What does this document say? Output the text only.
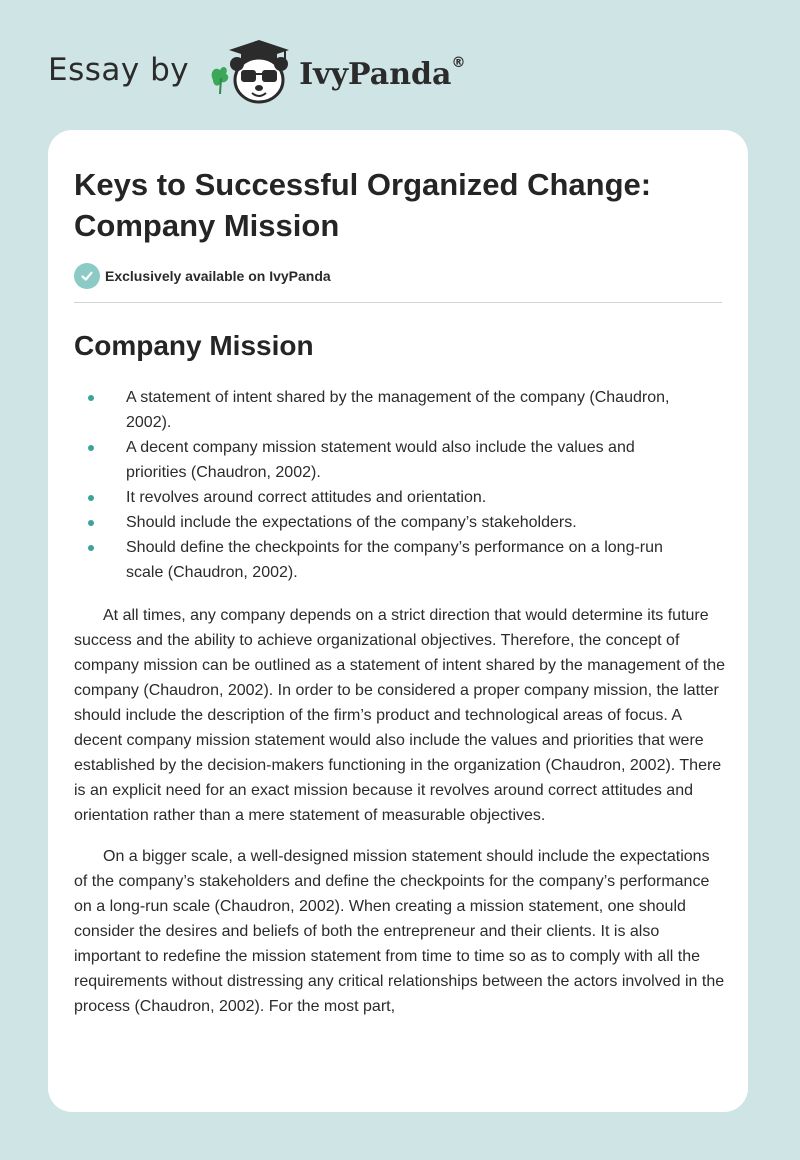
Essay by	IvyPanda®
Keys to Successful Organized Change: Company Mission
Exclusively available on IvyPanda
Company Mission
A statement of intent shared by the management of the company (Chaudron, 2002).
A decent company mission statement would also include the values and priorities (Chaudron, 2002).
It revolves around correct attitudes and orientation.
Should include the expectations of the company’s stakeholders.
Should define the checkpoints for the company’s performance on a long-run scale (Chaudron, 2002).

At all times, any company depends on a strict direction that would determine its future success and the ability to achieve organizational objectives. Therefore, the concept of company mission can be outlined as a statement of intent shared by the management of the company (Chaudron, 2002). In order to be considered a proper company mission, the latter should include the description of the firm’s product and technological areas of focus. A decent company mission statement would also include the values and priorities that were established by the decision-makers functioning in the organization (Chaudron, 2002). There is an explicit need for an exact mission because it revolves around correct attitudes and orientation rather than a mere statement of measurable objectives.

On a bigger scale, a well-designed mission statement should include the expectations of the company’s stakeholders and define the checkpoints for the company’s performance on a long-run scale (Chaudron, 2002). When creating a mission statement, one should consider the desires and beliefs of both the entrepreneur and their clients. It is also important to redefine the mission statement from time to time so as to comply with all the requirements without distressing any critical relationships between the actors involved in the process (Chaudron, 2002). For the most part,
